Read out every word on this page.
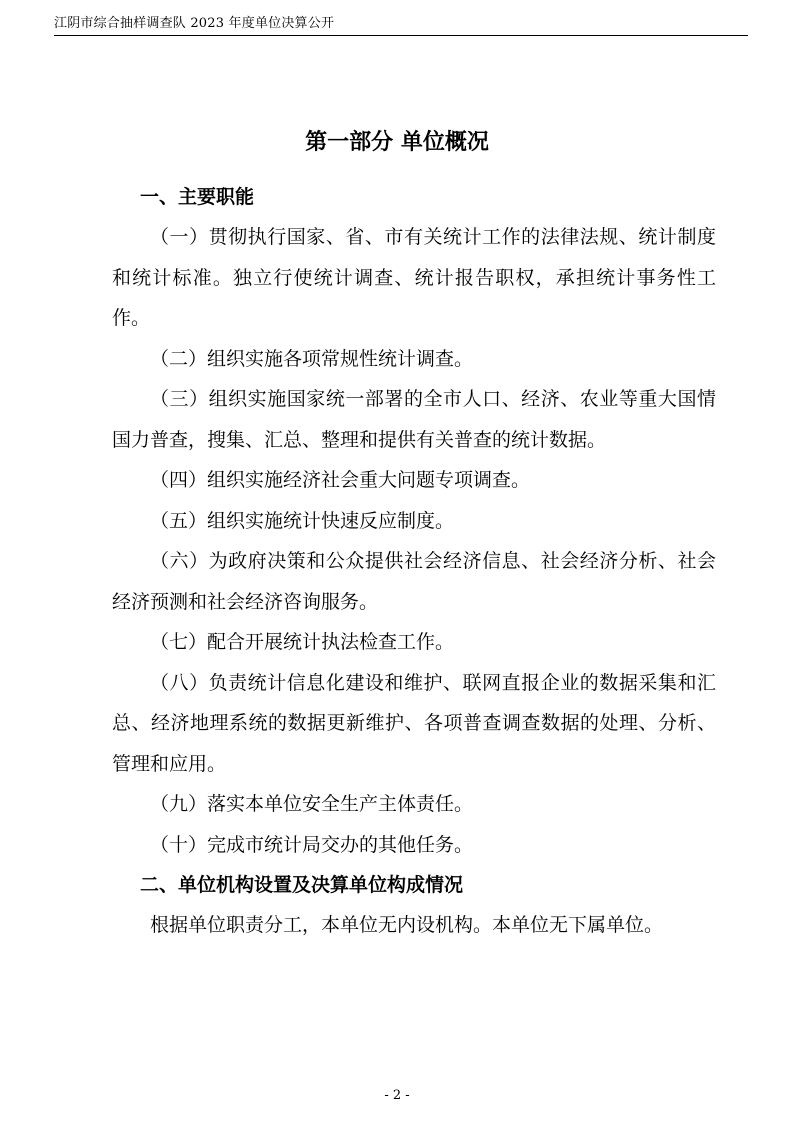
江阴市综合抽样调查队 2023 年度单位决算公开
第一部分 单位概况
一、主要职能

（一）贯彻执行国家、省、市有关统计工作的法律法规、统计制度和统计标准。独立行使统计调查、统计报告职权，承担统计事务性工作。

（二）组织实施各项常规性统计调查。

（三）组织实施国家统一部署的全市人口、经济、农业等重大国情国力普查，搜集、汇总、整理和提供有关普查的统计数据。

（四）组织实施经济社会重大问题专项调查。

（五）组织实施统计快速反应制度。

（六）为政府决策和公众提供社会经济信息、社会经济分析、社会经济预测和社会经济咨询服务。

（七）配合开展统计执法检查工作。

（八）负责统计信息化建设和维护、联网直报企业的数据采集和汇总、经济地理系统的数据更新维护、各项普查调查数据的处理、分析、管理和应用。

（九）落实本单位安全生产主体责任。

（十）完成市统计局交办的其他任务。

二、单位机构设置及决算单位构成情况

根据单位职责分工，本单位无内设机构。本单位无下属单位。

- 2 -
